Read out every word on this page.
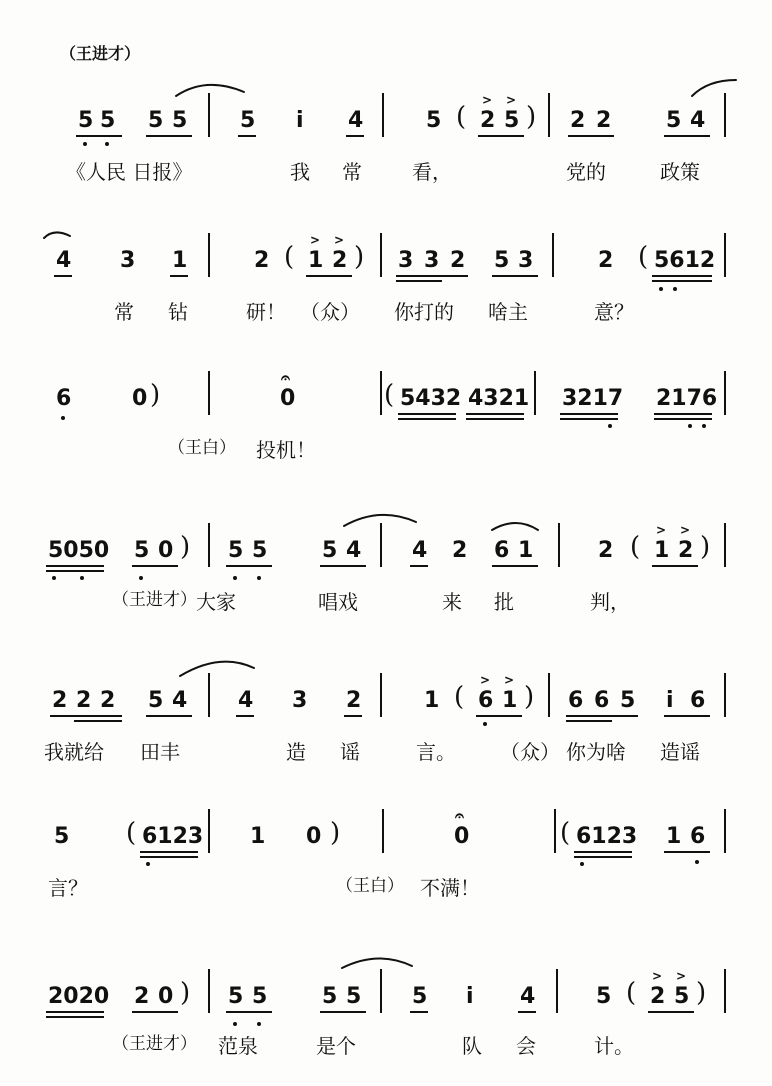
（王进才）
5 5 5 5 5 i 4	5 ( 2 5 )
> >
2 2 5 4
《人民 日报》	我 常	看，	党的	政策
4 3 1	2 ( 1 2 )
> >
3 3 2 5 3	2 ( 5612
常 钻	研！ （众） 你打的 啥主	意？
6	0 )	0
𝄐
( 5432 4321 3217 2176
（王白） 投机！
5050 5 0 ) 5 5 5 4 4 2 6 1	2 ( 1 2 )
> >
（王进才） 大家	唱戏	来 批	判，
2 2 2 5 4 4 3 2	1 ( 6 1 )
> >
6 6 5 i 6
我就给 田丰	造 谣	言。 （众） 你为啥 造谣
5 ( 6123 1 0 )	0
𝄐
( 6123 1 6
言？	（王白） 不满！
2020 2 0 ) 5 5 5 5 5 i 4	5 ( 2 5 )
> >
（王进才） 范泉	是个	队 会	计。
